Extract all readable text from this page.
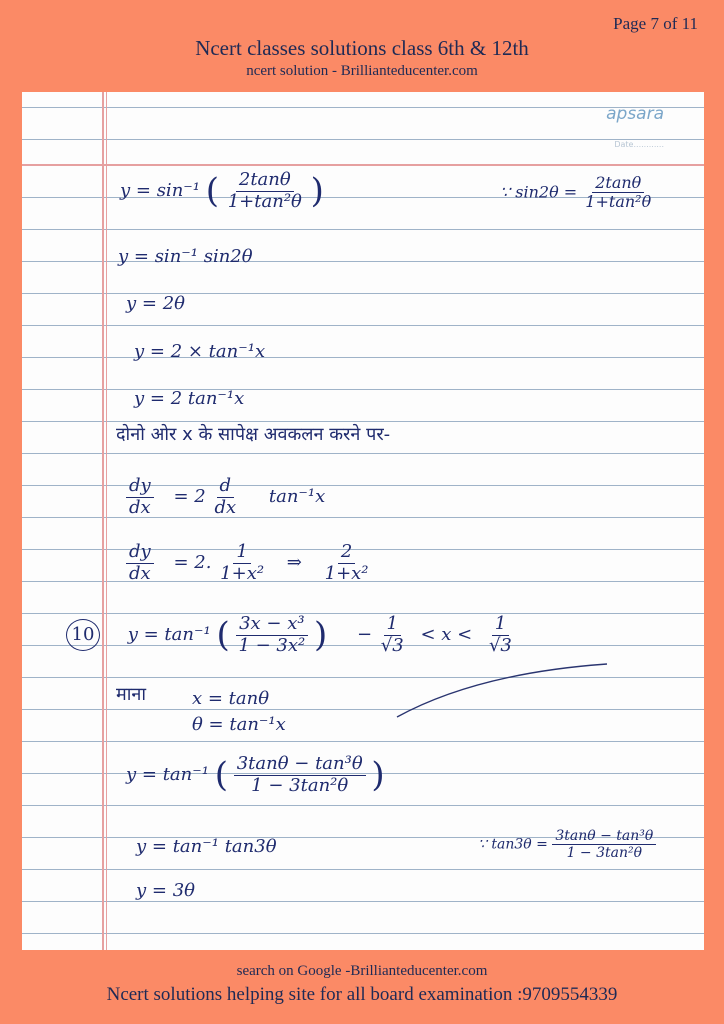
Page 7 of 11
Ncert classes solutions class 6th & 12th
ncert solution - Brillianteducenter.com
apsara
Date............
y = sin⁻¹ ( $\frac{2\tan\theta}{\text{1+tan²θ}}$ )	∵ $\sin 2\theta = \frac{2\tan\theta}{\text{1+tan²θ}}$
y = sin⁻¹ sin2θ
y = 2θ
y = 2 × tan⁻¹x
y = 2 tan⁻¹x
दोनो ओर x के सापेक्ष अवकलन करने पर-
$\frac{dy}{dx} = 2 \frac{d}{dx} \tan^{-1}x$
$\frac{dy}{dx} = 2$. $\frac{1}{\text{1+x²}}$ ⇒ $\frac{2}{\text{1+x²}}$
10 y = tan⁻¹ ( $\frac{\text{3x − x³}}{\text{1 − 3x²}}$ ) − $\frac{1}{√3} < x < \frac{1}{√3}$
माना	x = tanθ
θ = tan⁻¹x
y = tan⁻¹ ( $\frac{\text{3tanθ − tan³θ}}{\text{1 − 3tan²θ}}$ )
y = tan⁻¹ tan3θ	∵ $\tan 3\theta = \frac{\text{3tanθ − tan³θ}}{\text{1 − 3tan²θ}}$
y = 3θ
search on Google -Brillianteducenter.com
Ncert solutions helping site for all board examination :9709554339
